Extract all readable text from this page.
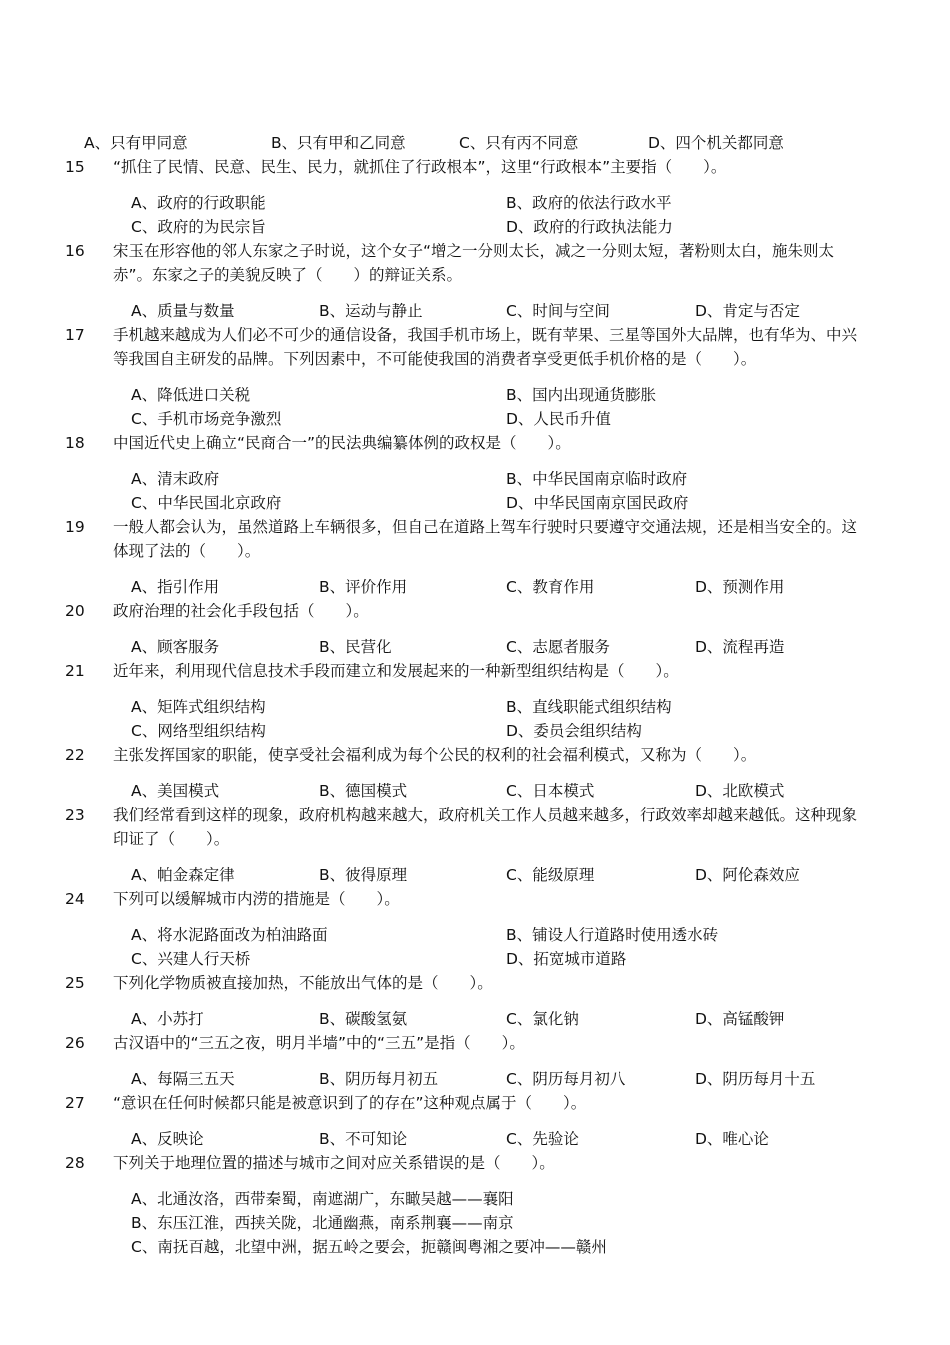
A、只有甲同意	B、只有甲和乙同意	C、只有丙不同意	D、四个机关都同意
15	“抓住了民情、民意、民生、民力，就抓住了行政根本”，这里“行政根本”主要指（　　）。
A、政府的行政职能	B、政府的依法行政水平
C、政府的为民宗旨	D、政府的行政执法能力
16	宋玉在形容他的邻人东家之子时说，这个女子“增之一分则太长，减之一分则太短，著粉则太白，施朱则太赤”。东家之子的美貌反映了（　　）的辩证关系。
A、质量与数量	B、运动与静止	C、时间与空间	D、肯定与否定
17	手机越来越成为人们必不可少的通信设备，我国手机市场上，既有苹果、三星等国外大品牌，也有华为、中兴等我国自主研发的品牌。下列因素中，不可能使我国的消费者享受更低手机价格的是（　　）。
A、降低进口关税	B、国内出现通货膨胀
C、手机市场竞争激烈	D、人民币升值
18	中国近代史上确立“民商合一”的民法典编纂体例的政权是（　　）。
A、清末政府	B、中华民国南京临时政府
C、中华民国北京政府	D、中华民国南京国民政府
19	一般人都会认为，虽然道路上车辆很多，但自己在道路上驾车行驶时只要遵守交通法规，还是相当安全的。这体现了法的（　　）。
A、指引作用	B、评价作用	C、教育作用	D、预测作用
20	政府治理的社会化手段包括（　　）。
A、顾客服务	B、民营化	C、志愿者服务	D、流程再造
21	近年来，利用现代信息技术手段而建立和发展起来的一种新型组织结构是（　　）。
A、矩阵式组织结构	B、直线职能式组织结构
C、网络型组织结构	D、委员会组织结构
22	主张发挥国家的职能，使享受社会福利成为每个公民的权利的社会福利模式，又称为（　　）。
A、美国模式	B、德国模式	C、日本模式	D、北欧模式
23	我们经常看到这样的现象，政府机构越来越大，政府机关工作人员越来越多，行政效率却越来越低。这种现象印证了（　　）。
A、帕金森定律	B、彼得原理	C、能级原理	D、阿伦森效应
24	下列可以缓解城市内涝的措施是（　　）。
A、将水泥路面改为柏油路面	B、铺设人行道路时使用透水砖
C、兴建人行天桥	D、拓宽城市道路
25	下列化学物质被直接加热，不能放出气体的是（　　）。
A、小苏打	B、碳酸氢氨	C、氯化钠	D、高锰酸钾
26	古汉语中的“三五之夜，明月半墙”中的“三五”是指（　　）。
A、每隔三五天	B、阴历每月初五	C、阴历每月初八	D、阴历每月十五
27	“意识在任何时候都只能是被意识到了的存在”这种观点属于（　　）。
A、反映论	B、不可知论	C、先验论	D、唯心论
28	下列关于地理位置的描述与城市之间对应关系错误的是（　　）。
A、北通汝洛，西带秦蜀，南遮湖广，东瞰吴越——襄阳
B、东压江淮，西挟关陇，北通幽燕，南系荆襄——南京
C、南抚百越，北望中洲，据五岭之要会，扼赣闽粤湘之要冲——赣州
